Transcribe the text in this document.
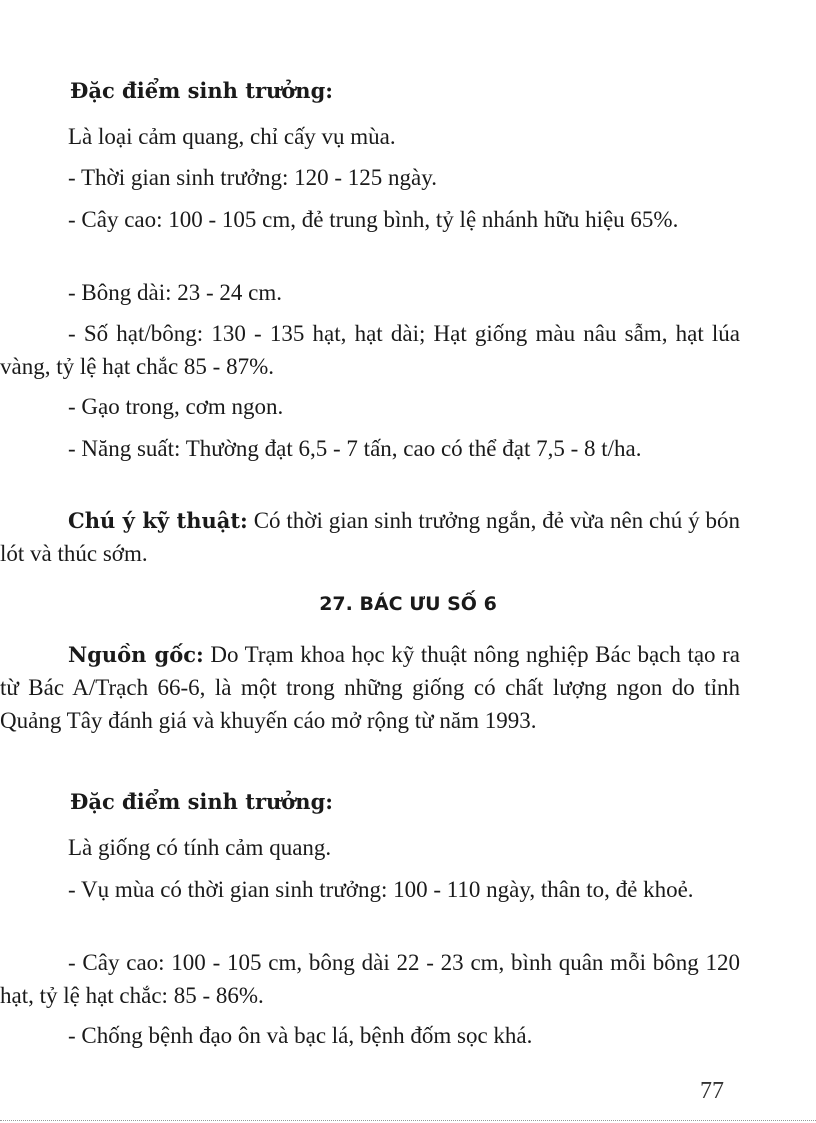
Đặc điểm sinh trưởng:

Là loại cảm quang, chỉ cấy vụ mùa.

- Thời gian sinh trưởng: 120 - 125 ngày.

- Cây cao: 100 - 105 cm, đẻ trung bình, tỷ lệ nhánh hữu hiệu 65%.

- Bông dài: 23 - 24 cm.

- Số hạt/bông: 130 - 135 hạt, hạt dài; Hạt giống màu nâu sẫm, hạt lúa vàng, tỷ lệ hạt chắc 85 - 87%.

- Gạo trong, cơm ngon.

- Năng suất: Thường đạt 6,5 - 7 tấn, cao có thể đạt 7,5 - 8 t/ha.

Chú ý kỹ thuật: Có thời gian sinh trưởng ngắn, đẻ vừa nên chú ý bón lót và thúc sớm.

27. BÁC ƯU SỐ 6

Nguồn gốc: Do Trạm khoa học kỹ thuật nông nghiệp Bác bạch tạo ra từ Bác A/Trạch 66-6, là một trong những giống có chất lượng ngon do tỉnh Quảng Tây đánh giá và khuyến cáo mở rộng từ năm 1993.

Đặc điểm sinh trưởng:

Là giống có tính cảm quang.

- Vụ mùa có thời gian sinh trưởng: 100 - 110 ngày, thân to, đẻ khoẻ.

- Cây cao: 100 - 105 cm, bông dài 22 - 23 cm, bình quân mỗi bông 120 hạt, tỷ lệ hạt chắc: 85 - 86%.

- Chống bệnh đạo ôn và bạc lá, bệnh đốm sọc khá.

77
